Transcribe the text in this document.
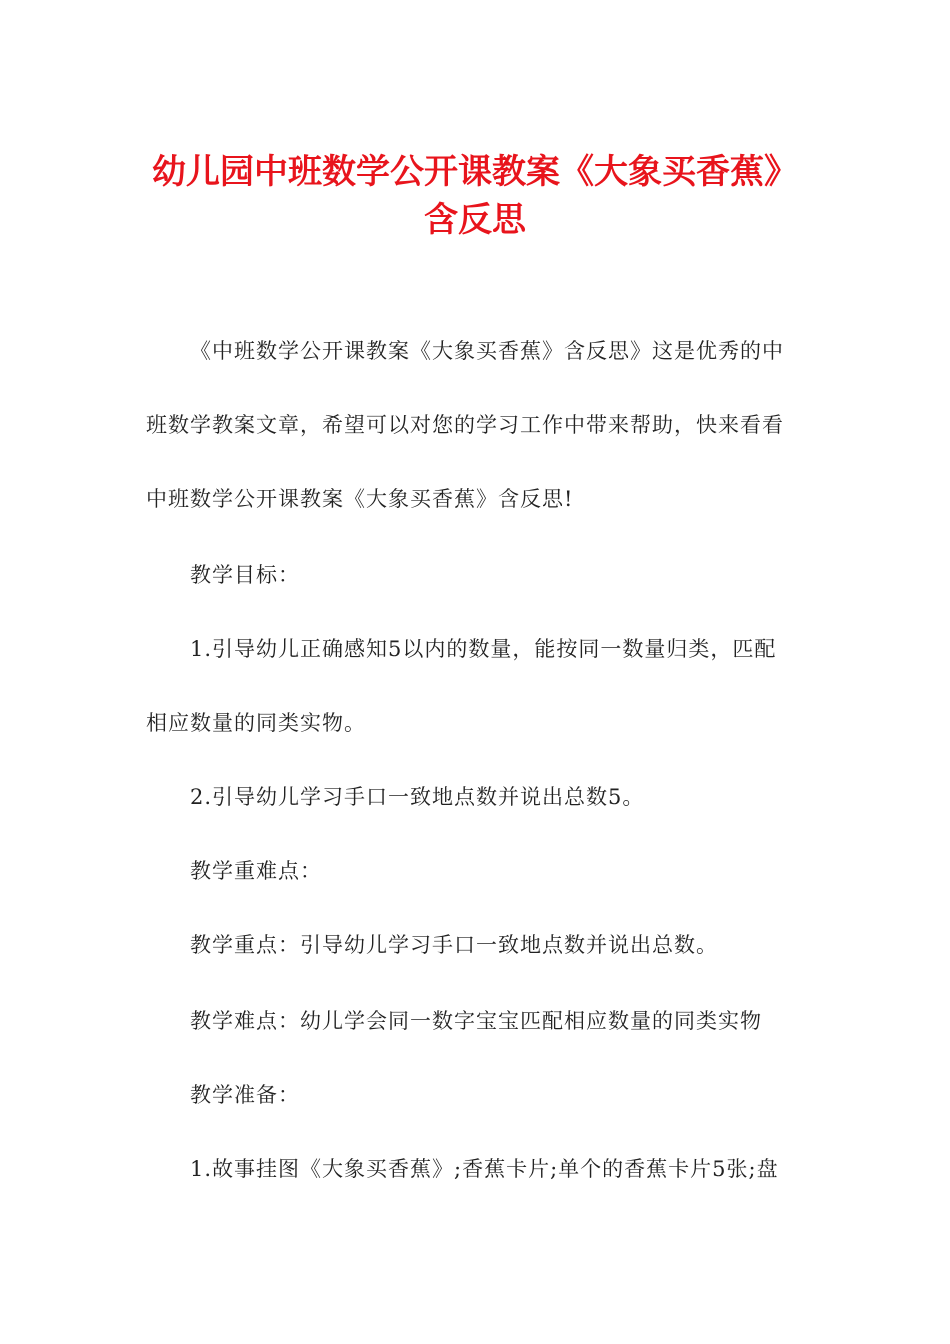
幼儿园中班数学公开课教案《大象买香蕉》
含反思

《中班数学公开课教案《大象买香蕉》含反思》这是优秀的中

班数学教案文章，希望可以对您的学习工作中带来帮助，快来看看

中班数学公开课教案《大象买香蕉》含反思!

教学目标：

1.引导幼儿正确感知5以内的数量，能按同一数量归类，匹配

相应数量的同类实物。

2.引导幼儿学习手口一致地点数并说出总数5。

教学重难点：

教学重点：引导幼儿学习手口一致地点数并说出总数。

教学难点：幼儿学会同一数字宝宝匹配相应数量的同类实物

教学准备：

1.故事挂图《大象买香蕉》;香蕉卡片;单个的香蕉卡片5张;盘
